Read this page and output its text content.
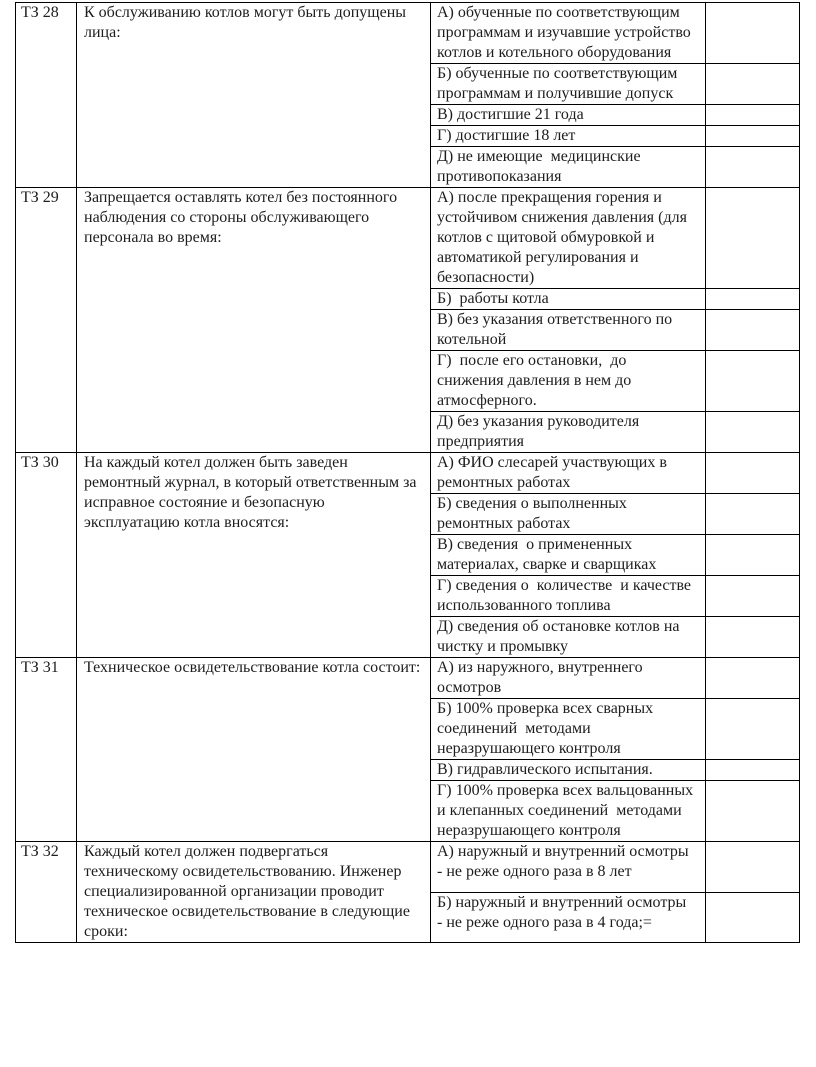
ТЗ 28	К обслуживанию котлов могут быть допущены лица:	А) обученные по соответствующим программам и изучавшие устройство котлов и котельного оборудования	
		Б) обученные по соответствующим программам и получившие допуск	
		В) достигшие 21 года	
		Г) достигшие 18 лет	
		Д) не имеющие  медицинские противопоказания	
ТЗ 29	Запрещается оставлять котел без постоянного наблюдения со стороны обслуживающего персонала во время:	А) после прекращения горения и устойчивом снижения давления (для котлов с щитовой обмуровкой и автоматикой регулирования и безопасности)	
		Б)  работы котла	
		В) без указания ответственного по котельной	
		Г)  после его остановки,  до снижения давления в нем до атмосферного.	
		Д) без указания руководителя предприятия	
ТЗ 30	На каждый котел должен быть заведен ремонтный журнал, в который ответственным за исправное состояние и безопасную эксплуатацию котла вносятся:	А) ФИО слесарей участвующих в ремонтных работах	
		Б) сведения о выполненных ремонтных работах	
		В) сведения  о примененных материалах, сварке и сварщиках	
		Г) сведения о  количестве  и качестве  использованного топлива	
		Д) сведения об остановке котлов на чистку и промывку	
ТЗ 31	Техническое освидетельствование котла состоит:	А) из наружного, внутреннего осмотров	
		Б) 100% проверка всех сварных соединений  методами неразрушающего контроля	
		В) гидравлического испытания.	
		Г) 100% проверка всех вальцованных и клепанных соединений  методами неразрушающего контроля	
ТЗ 32	Каждый котел должен подвергаться техническому освидетельствованию. Инженер специализированной организации проводит техническое освидетельствование в следующие сроки:	А) наружный и внутренний осмотры - не реже одного раза в 8 лет	
		Б) наружный и внутренний осмотры - не реже одного раза в 4 года;=	
